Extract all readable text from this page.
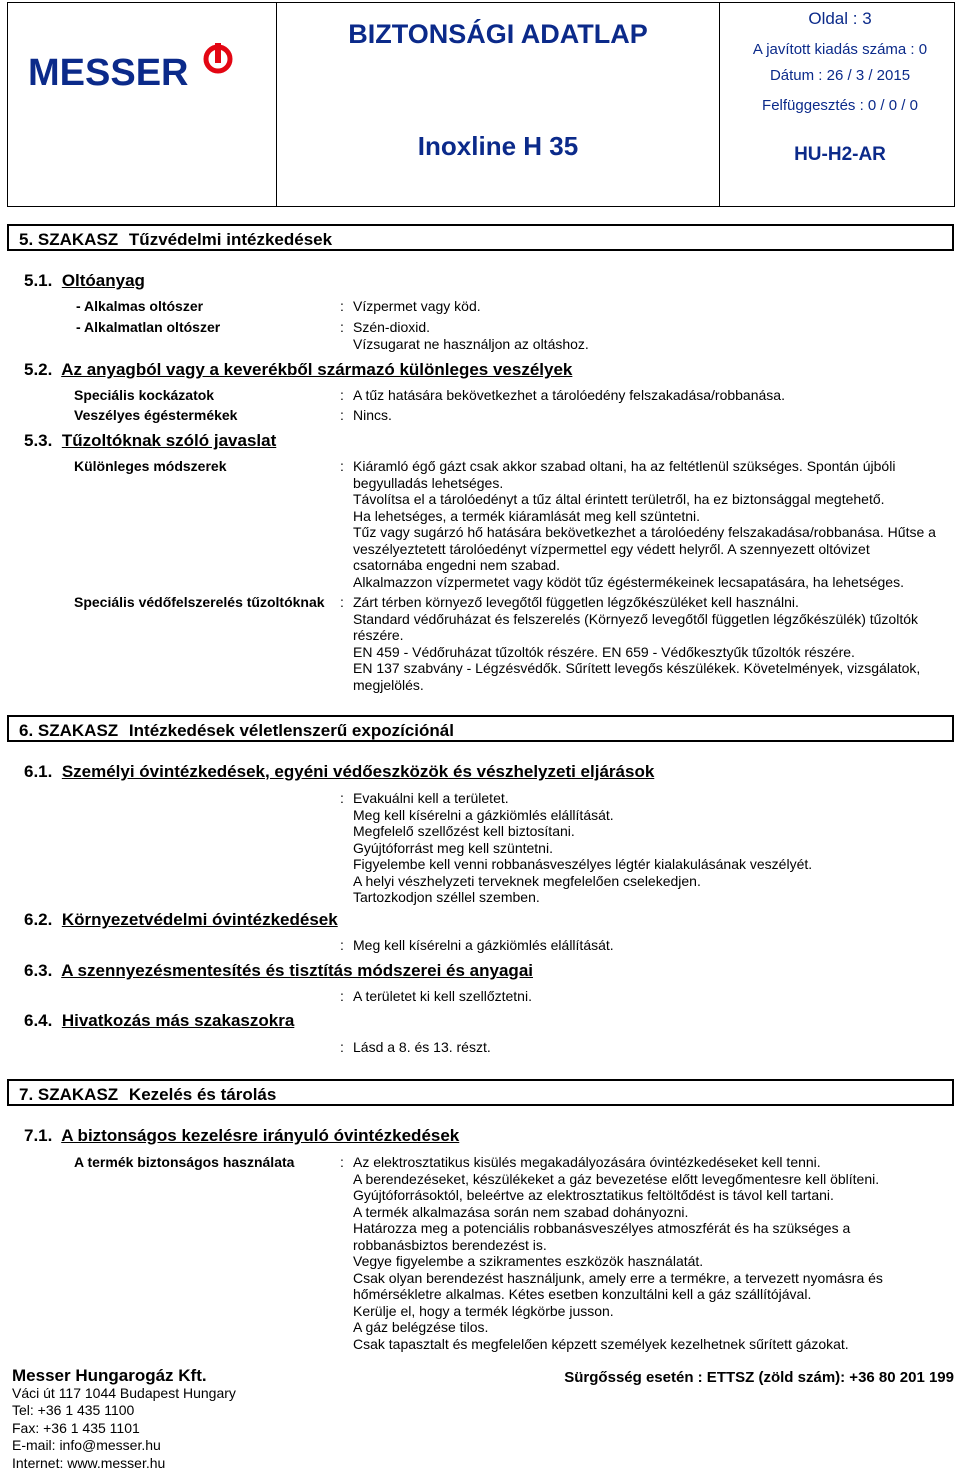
MESSER
BIZTONSÁGI ADATLAP
Inoxline H 35
Oldal : 3
A javított kiadás száma : 0
Dátum : 26 / 3 / 2015
Felfüggesztés : 0 / 0 / 0
HU-H2-AR
5. SZAKASZ Tűzvédelmi intézkedések
5.1. Oltóanyag
- Alkalmas oltószer	: Vízpermet vagy köd.
- Alkalmatlan oltószer	: Szén-dioxid.
Vízsugarat ne használjon az oltáshoz.
5.2. Az anyagból vagy a keverékből származó különleges veszélyek
Speciális kockázatok	: A tűz hatására bekövetkezhet a tárolóedény felszakadása/robbanása.
Veszélyes égéstermékek	: Nincs.
5.3. Tűzoltóknak szóló javaslat
Különleges módszerek	: Kiáramló égő gázt csak akkor szabad oltani, ha az feltétlenül szükséges. Spontán újbóli
begyulladás lehetséges.
Távolítsa el a tárolóedényt a tűz által érintett területről, ha ez biztonsággal megtehető.
Ha lehetséges, a termék kiáramlását meg kell szüntetni.
Tűz vagy sugárzó hő hatására bekövetkezhet a tárolóedény felszakadása/robbanása. Hűtse a
veszélyeztetett tárolóedényt vízpermettel egy védett helyről. A szennyezett oltóvizet
csatornába engedni nem szabad.
Alkalmazzon vízpermetet vagy ködöt tűz égéstermékeinek lecsapatására, ha lehetséges.
Speciális védőfelszerelés tűzoltóknak : Zárt térben környező levegőtől független légzőkészüléket kell használni.
Standard védőruházat és felszerelés (Környező levegőtől független légzőkészülék) tűzoltók
részére.
EN 459 - Védőruházat tűzoltók részére. EN 659 - Védőkesztyűk tűzoltók részére.
EN 137 szabvány - Légzésvédők. Sűrített levegős készülékek. Követelmények, vizsgálatok,
megjelölés.
6. SZAKASZ Intézkedések véletlenszerű expozíciónál
6.1. Személyi óvintézkedések, egyéni védőeszközök és vészhelyzeti eljárások
: Evakuálni kell a területet.
Meg kell kísérelni a gázkiömlés elállítását.
Megfelelő szellőzést kell biztosítani.
Gyújtóforrást meg kell szüntetni.
Figyelembe kell venni robbanásveszélyes légtér kialakulásának veszélyét.
A helyi vészhelyzeti terveknek megfelelően cselekedjen.
Tartozkodjon széllel szemben.
6.2. Környezetvédelmi óvintézkedések
: Meg kell kísérelni a gázkiömlés elállítását.
6.3. A szennyezésmentesítés és tisztítás módszerei és anyagai
: A területet ki kell szellőztetni.
6.4. Hivatkozás más szakaszokra
: Lásd a 8. és 13. részt.
7. SZAKASZ Kezelés és tárolás
7.1. A biztonságos kezelésre irányuló óvintézkedések
A termék biztonságos használata	: Az elektrosztatikus kisülés megakadályozására óvintézkedéseket kell tenni.
A berendezéseket, készülékeket a gáz bevezetése előtt levegőmentesre kell öblíteni.
Gyújtóforrásoktól, beleértve az elektrosztatikus feltöltődést is távol kell tartani.
A termék alkalmazása során nem szabad dohányozni.
Határozza meg a potenciális robbanásveszélyes atmoszférát és ha szükséges a
robbanásbiztos berendezést is.
Vegye figyelembe a szikramentes eszközök használatát.
Csak olyan berendezést használjunk, amely erre a termékre, a tervezett nyomásra és
hőmérsékletre alkalmas. Kétes esetben konzultálni kell a gáz szállítójával.
Kerülje el, hogy a termék légkörbe jusson.
A gáz belégzése tilos.
Csak tapasztalt és megfelelően képzett személyek kezelhetnek sűrített gázokat.
Messer Hungarogáz Kft.
Váci út 117 1044 Budapest Hungary
Tel: +36 1 435 1100
Fax: +36 1 435 1101
E-mail: info@messer.hu
Internet: www.messer.hu
Sürgősség esetén : ETTSZ (zöld szám): +36 80 201 199
